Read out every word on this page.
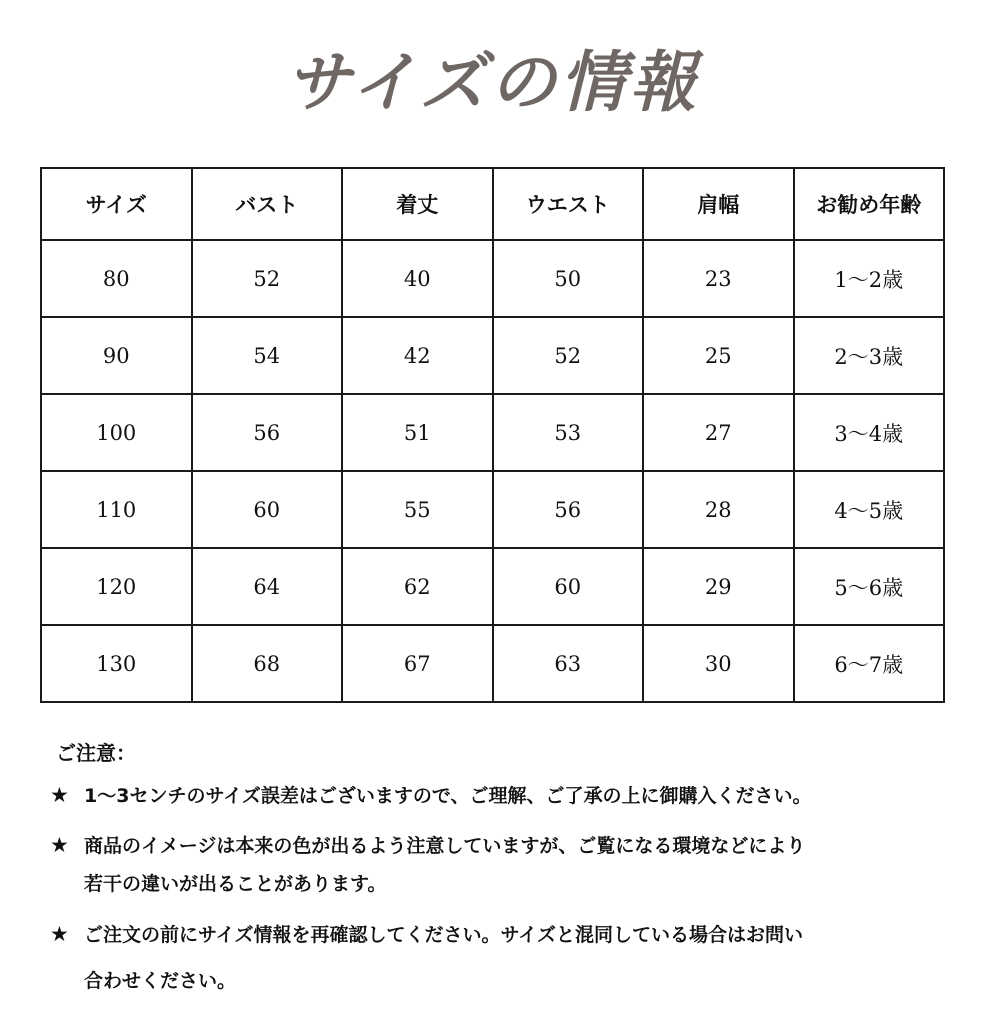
サイズの情報
サイズ	バスト	着丈	ウエスト	肩幅	お勧め年齢
80	52	40	50	23	1～2歳
90	54	42	52	25	2～3歳
100	56	51	53	27	3～4歳
110	60	55	56	28	4～5歳
120	64	62	60	29	5～6歳
130	68	67	63	30	6～7歳
ご注意：
★ 1～3センチのサイズ誤差はございますので、ご理解、ご了承の上に御購入ください。
★ 商品のイメージは本来の色が出るよう注意していますが、ご覧になる環境などにより
若干の違いが出ることがあります。
★ ご注文の前にサイズ情報を再確認してください。サイズと混同している場合はお問い
合わせください。
